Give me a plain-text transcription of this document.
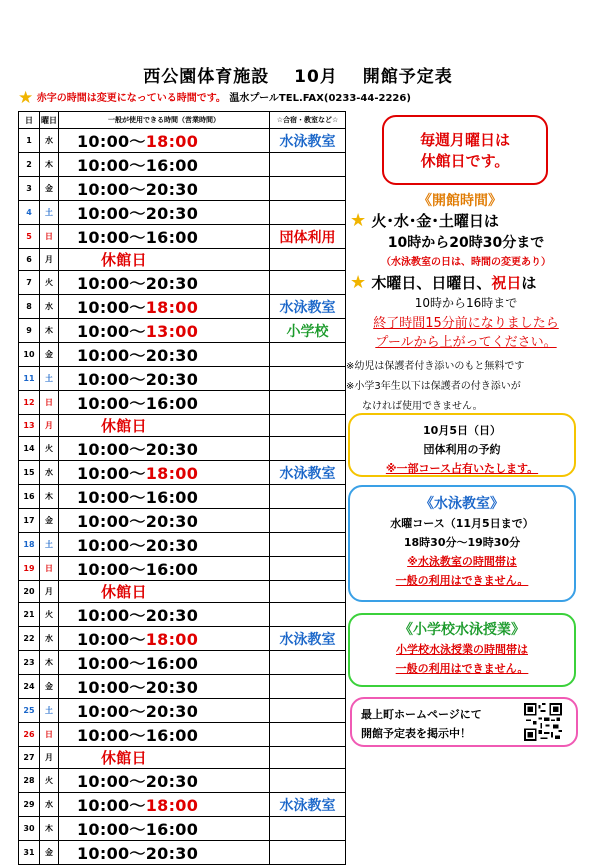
西公園体育施設 10月 開館予定表
★ 赤字の時間は変更になっている時間です。 温水プールTEL.FAX(0233-44-2226)
日	曜日	一般が使用できる時間（営業時間）	☆合宿・教室など☆
1	水	10:00～18:00	水泳教室
2	木	10:00～16:00	
3	金	10:00～20:30	
4	土	10:00～20:30	
5	日	10:00～16:00	団体利用
6	月	休館日	
7	火	10:00～20:30	
8	水	10:00～18:00	水泳教室
9	木	10:00～13:00	小学校
10	金	10:00～20:30	
11	土	10:00～20:30	
12	日	10:00～16:00	
13	月	休館日	
14	火	10:00～20:30	
15	水	10:00～18:00	水泳教室
16	木	10:00～16:00	
17	金	10:00～20:30	
18	土	10:00～20:30	
19	日	10:00～16:00	
20	月	休館日	
21	火	10:00～20:30	
22	水	10:00～18:00	水泳教室
23	木	10:00～16:00	
24	金	10:00～20:30	
25	土	10:00～20:30	
26	日	10:00～16:00	
27	月	休館日	
28	火	10:00～20:30	
29	水	10:00～18:00	水泳教室
30	木	10:00～16:00	
31	金	10:00～20:30	
毎週月曜日は
休館日です。
《開館時間》
★ 火･水･金･土曜日は
10時から20時30分まで
（水泳教室の日は、時間の変更あり）
★ 木曜日、日曜日、祝日は
10時から16時まで
終了時間15分前になりましたら
プールから上がってください。
※幼児は保護者付き添いのもと無料です
※小学3年生以下は保護者の付き添いが
なければ使用できません。
10月5日（日）
団体利用の予約
※一部コース占有いたします。
《水泳教室》
水曜コース（11月5日まで）
18時30分～19時30分
※水泳教室の時間帯は
一般の利用はできません。
《小学校水泳授業》
小学校水泳授業の時間帯は
一般の利用はできません。
最上町ホームページにて
開館予定表を掲示中！
